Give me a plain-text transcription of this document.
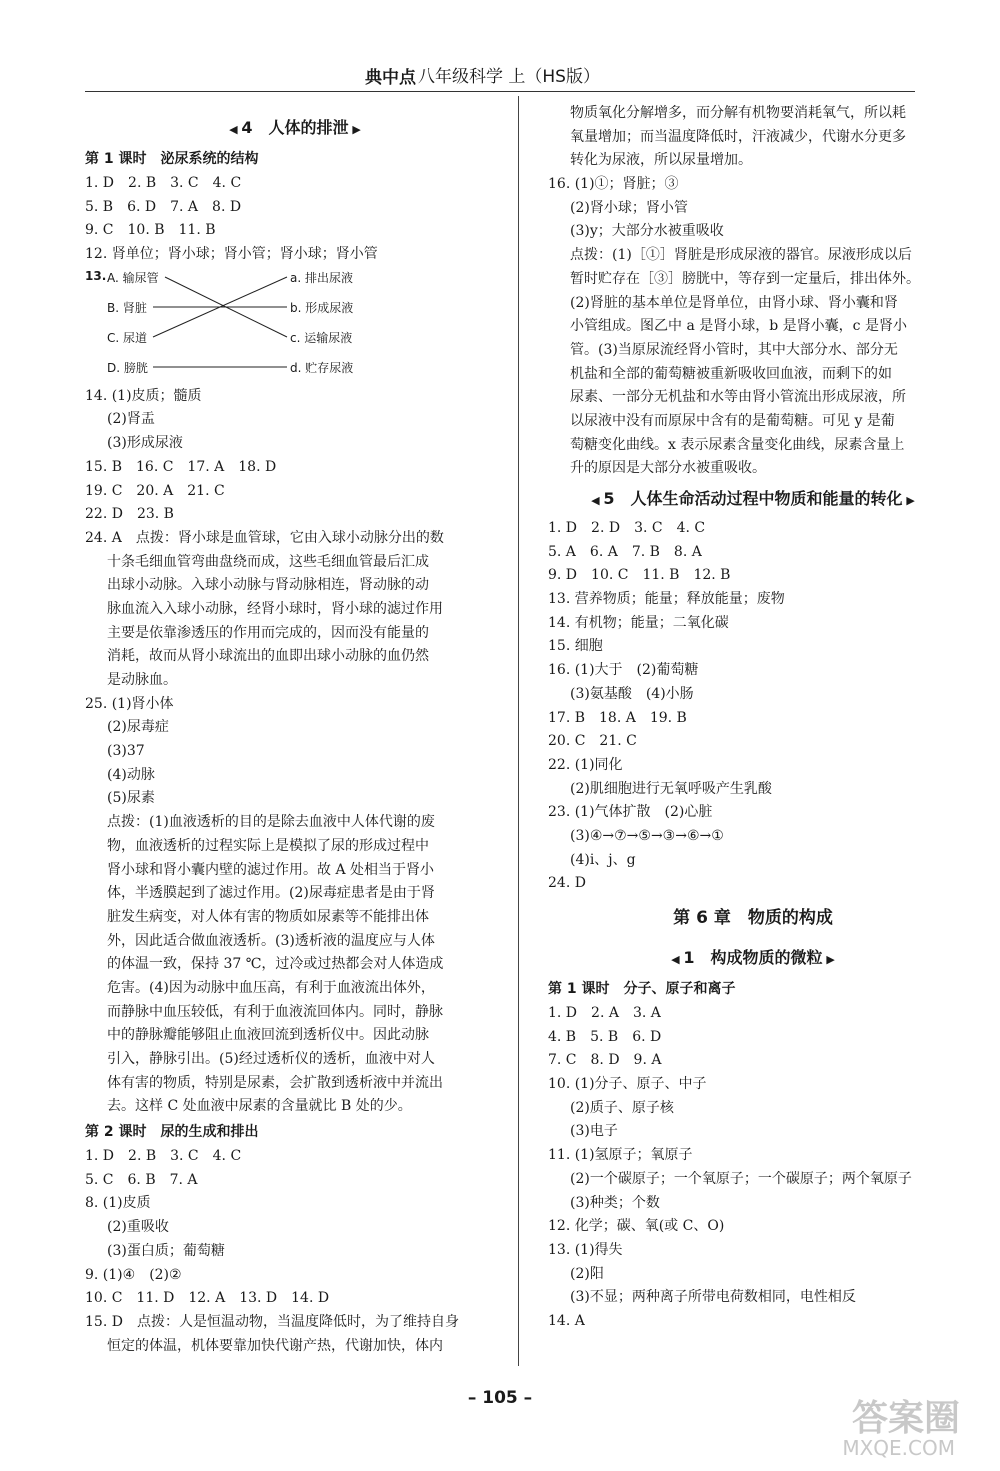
典中点 八年级科学 上（HS版）
◀ 4　人体的排泄 ▶
第 1 课时　泌尿系统的结构
1. D　2. B　3. C　4. C
5. B　6. D　7. A　8. D
9. C　10. B　11. B
12. 肾单位；肾小球；肾小管；肾小球；肾小管
13. A. 输尿管
B. 肾脏
C. 尿道
D. 膀胱
a. 排出尿液
b. 形成尿液
c. 运输尿液
d. 贮存尿液
14. (1)皮质；髓质
(2)肾盂
(3)形成尿液
15. B　16. C　17. A　18. D
19. C　20. A　21. C
22. D　23. B
24. A　点拨：肾小球是血管球，它由入球小动脉分出的数
十条毛细血管弯曲盘绕而成，这些毛细血管最后汇成
出球小动脉。入球小动脉与肾动脉相连，肾动脉的动
脉血流入入球小动脉，经肾小球时，肾小球的滤过作用
主要是依靠渗透压的作用而完成的，因而没有能量的
消耗，故而从肾小球流出的血即出球小动脉的血仍然
是动脉血。
25. (1)肾小体
(2)尿毒症
(3)37
(4)动脉
(5)尿素
点拨：(1)血液透析的目的是除去血液中人体代谢的废
物，血液透析的过程实际上是模拟了尿的形成过程中
肾小球和肾小囊内壁的滤过作用。故 A 处相当于肾小
体，半透膜起到了滤过作用。(2)尿毒症患者是由于肾
脏发生病变，对人体有害的物质如尿素等不能排出体
外，因此适合做血液透析。(3)透析液的温度应与人体
的体温一致，保持 37 ℃，过冷或过热都会对人体造成
危害。(4)因为动脉中血压高，有利于血液流出体外，
而静脉中血压较低，有利于血液流回体内。同时，静脉
中的静脉瓣能够阻止血液回流到透析仪中。因此动脉
引入，静脉引出。(5)经过透析仪的透析，血液中对人
体有害的物质，特别是尿素，会扩散到透析液中并流出
去。这样 C 处血液中尿素的含量就比 B 处的少。
第 2 课时　尿的生成和排出
1. D　2. B　3. C　4. C
5. C　6. B　7. A
8. (1)皮质
(2)重吸收
(3)蛋白质；葡萄糖
9. (1)④　(2)②
10. C　11. D　12. A　13. D　14. D
15. D　点拨：人是恒温动物，当温度降低时，为了维持自身
恒定的体温，机体要靠加快代谢产热，代谢加快，体内
物质氧化分解增多，而分解有机物要消耗氧气，所以耗
氧量增加；而当温度降低时，汗液减少，代谢水分更多
转化为尿液，所以尿量增加。
16. (1)①；肾脏；③
(2)肾小球；肾小管
(3)y；大部分水被重吸收
点拨：(1)［①］肾脏是形成尿液的器官。尿液形成以后
暂时贮存在［③］膀胱中，等存到一定量后，排出体外。
(2)肾脏的基本单位是肾单位，由肾小球、肾小囊和肾
小管组成。图乙中 a 是肾小球，b 是肾小囊，c 是肾小
管。(3)当原尿流经肾小管时，其中大部分水、部分无
机盐和全部的葡萄糖被重新吸收回血液，而剩下的如
尿素、一部分无机盐和水等由肾小管流出形成尿液，所
以尿液中没有而原尿中含有的是葡萄糖。可见 y 是葡
萄糖变化曲线。x 表示尿素含量变化曲线，尿素含量上
升的原因是大部分水被重吸收。
◀ 5　人体生命活动过程中物质和能量的转化 ▶
1. D　2. D　3. C　4. C
5. A　6. A　7. B　8. A
9. D　10. C　11. B　12. B
13. 营养物质；能量；释放能量；废物
14. 有机物；能量；二氧化碳
15. 细胞
16. (1)大于　(2)葡萄糖
(3)氨基酸　(4)小肠
17. B　18. A　19. B
20. C　21. C
22. (1)同化
(2)肌细胞进行无氧呼吸产生乳酸
23. (1)气体扩散　(2)心脏
(3)④→⑦→⑤→③→⑥→①
(4)i、j、g
24. D
第 6 章　物质的构成
◀ 1　构成物质的微粒 ▶
第 1 课时　分子、原子和离子
1. D　2. A　3. A
4. B　5. B　6. D
7. C　8. D　9. A
10. (1)分子、原子、中子
(2)质子、原子核
(3)电子
11. (1)氢原子；氧原子
(2)一个碳原子；一个氧原子；一个碳原子；两个氧原子
(3)种类；个数
12. 化学；碳、氧(或 C、O)
13. (1)得失
(2)阳
(3)不显；两种离子所带电荷数相同，电性相反
14. A
– 105 –	答案圈
MXQE.COM
